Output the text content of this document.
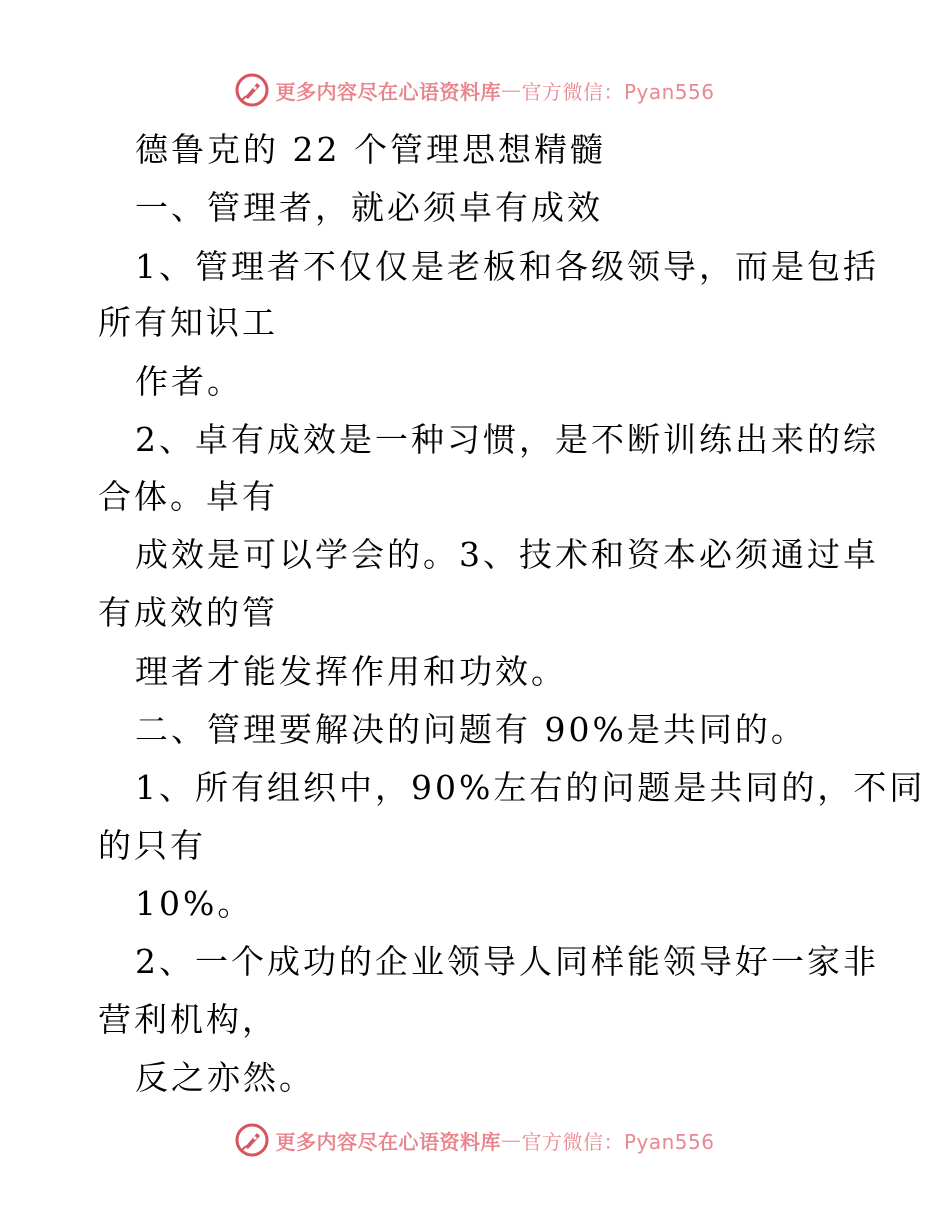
更多内容尽在心语资料库 — 官方微信：Pyan556
德鲁克的 22 个管理思想精髓
一、管理者，就必须卓有成效
1、管理者不仅仅是老板和各级领导，而是包括
所有知识工
作者。
2、卓有成效是一种习惯，是不断训练出来的综
合体。卓有
成效是可以学会的。3、技术和资本必须通过卓
有成效的管
理者才能发挥作用和功效。
二、管理要解决的问题有 90%是共同的。
1、所有组织中，90%左右的问题是共同的，不同
的只有
10%。
2、一个成功的企业领导人同样能领导好一家非
营利机构，
反之亦然。
更多内容尽在心语资料库 — 官方微信：Pyan556
